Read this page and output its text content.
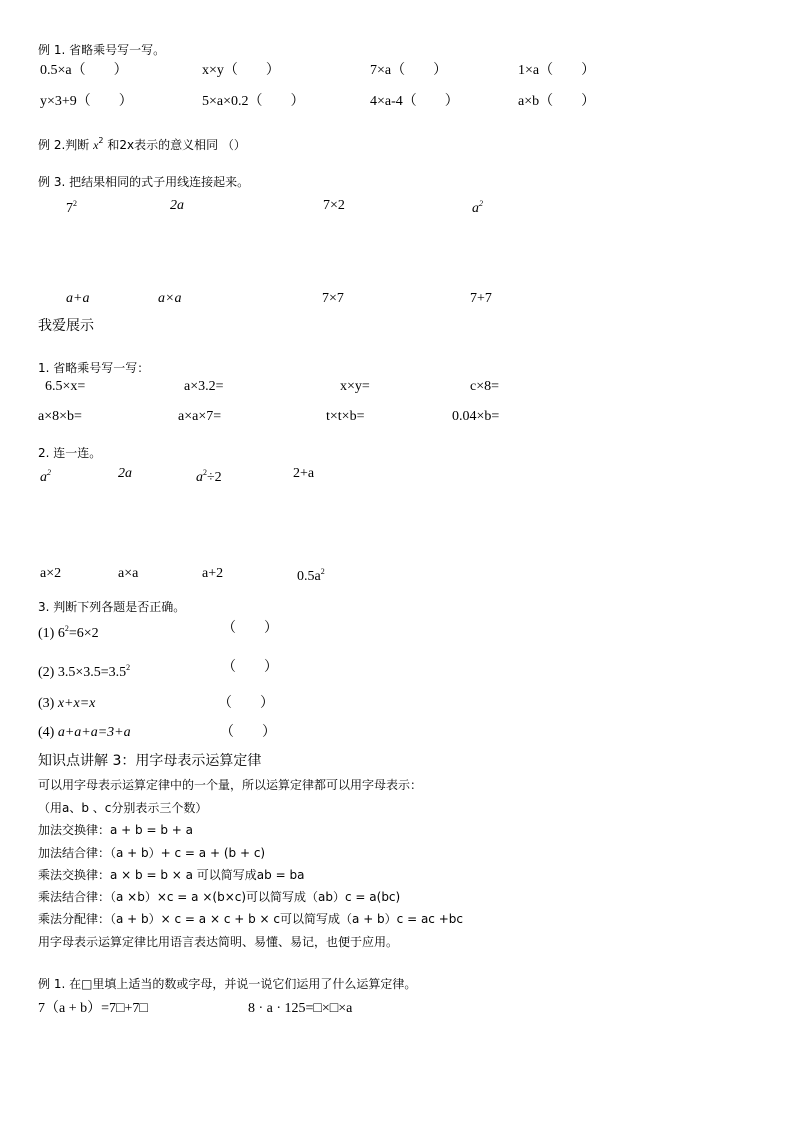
例 1. 省略乘号写一写。
0.5×a（　　）	x×y（　　）	7×a（　　）	1×a（　　）
y×3+9（　　）	5×a×0.2（　　）	4×a-4（　　）	a×b（　　）
例 2.判断 $x^2$ 和2x表示的意义相同 （）
例 3. 把结果相同的式子用线连接起来。
$7^2$	2a	7×2	$a^2$
a+a	a×a	7×7	7+7
我爱展示
1. 省略乘号写一写：
6.5×x=	a×3.2=	x×y=	c×8=
a×8×b=	a×a×7=	t×t×b=	0.04×b=
2. 连一连。
$a^2$	2a	$a^2\div 2$	2+a
a×2	a×a	a+2	$0.5a^2$
3. 判断下列各题是否正确。
(1) $6^2=6\times 2$	（　　）
(2) $3.5\times 3.5=3.5^2$	（　　）
(3) x+x=x	（　　）
(4) a+a+a=3+a	（　　）
知识点讲解 3：用字母表示运算定律
可以用字母表示运算定律中的一个量，所以运算定律都可以用字母表示：
（用a、b 、c分别表示三个数）
加法交换律：a + b = b + a
加法结合律：（a + b）+ c = a + (b + c)
乘法交换律：a × b = b × a 可以简写成ab = ba
乘法结合律：（a ×b）×c = a ×(b×c)可以简写成（ab）c = a(bc)
乘法分配律：（a + b）× c = a × c + b × c可以简写成（a + b）c = ac +bc
用字母表示运算定律比用语言表达简明、易懂、易记，也便于应用。
例 1. 在□里填上适当的数或字母，并说一说它们运用了什么运算定律。
7（a + b）=7□+7□	8 · a · 125=□×□×a
